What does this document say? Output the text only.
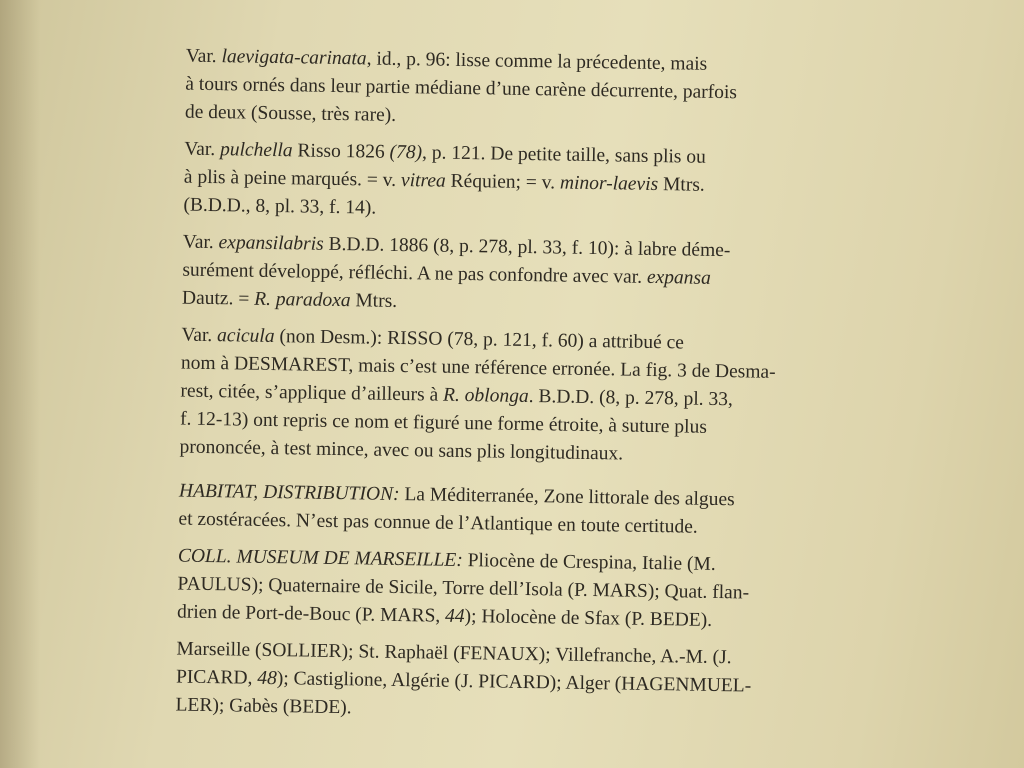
Var. laevigata-carinata, id., p. 96: lisse comme la précedente, mais
à tours ornés dans leur partie médiane d’une carène décurrente, parfois
de deux (Sousse, très rare).

Var. pulchella Risso 1826 (78), p. 121. De petite taille, sans plis ou
à plis à peine marqués. = v. vitrea Réquien; = v. minor-laevis Mtrs.
(B.D.D., 8, pl. 33, f. 14).

Var. expansilabris B.D.D. 1886 (8, p. 278, pl. 33, f. 10): à labre déme-
surément développé, réfléchi. A ne pas confondre avec var. expansa
Dautz. = R. paradoxa Mtrs.

Var. acicula (non Desm.): RISSO (78, p. 121, f. 60) a attribué ce
nom à DESMAREST, mais c’est une référence erronée. La fig. 3 de Desma-
rest, citée, s’applique d’ailleurs à R. oblonga. B.D.D. (8, p. 278, pl. 33,
f. 12-13) ont repris ce nom et figuré une forme étroite, à suture plus
prononcée, à test mince, avec ou sans plis longitudinaux.

HABITAT, DISTRIBUTION: La Méditerranée, Zone littorale des algues
et zostéracées. N’est pas connue de l’Atlantique en toute certitude.

COLL. MUSEUM DE MARSEILLE: Pliocène de Crespina, Italie (M.
PAULUS); Quaternaire de Sicile, Torre dell’Isola (P. MARS); Quat. flan-
drien de Port-de-Bouc (P. MARS, 44); Holocène de Sfax (P. BEDE).

Marseille (SOLLIER); St. Raphaël (FENAUX); Villefranche, A.-M. (J.
PICARD, 48); Castiglione, Algérie (J. PICARD); Alger (HAGENMUEL-
LER); Gabès (BEDE).
